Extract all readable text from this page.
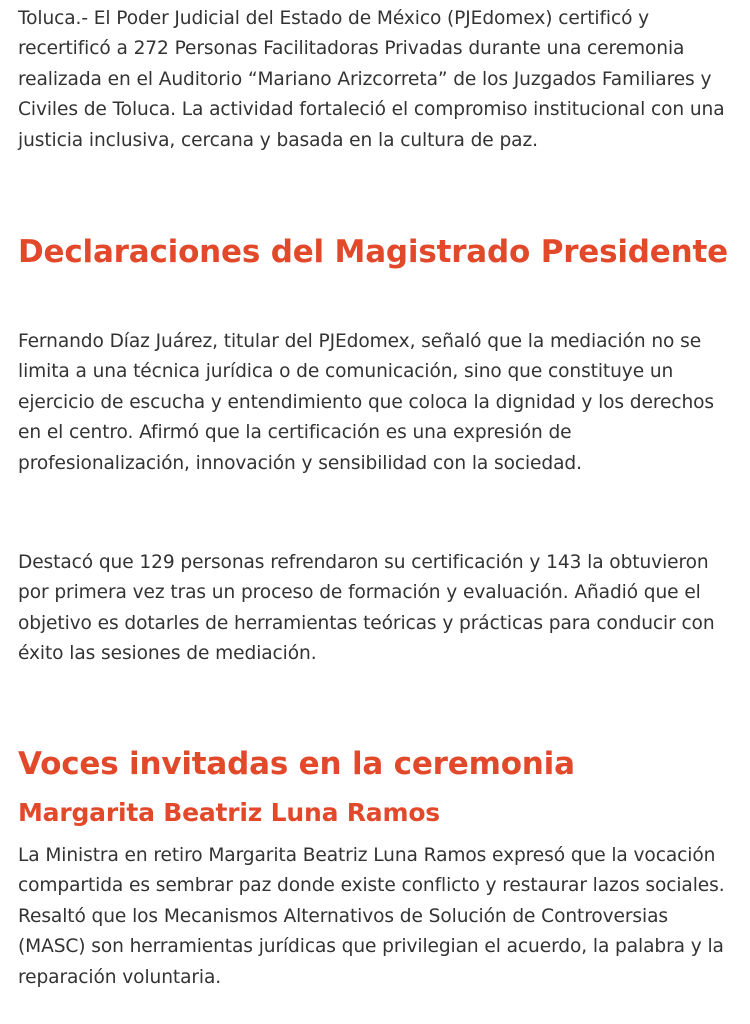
Toluca.- El Poder Judicial del Estado de México (PJEdomex) certificó y recertificó a 272 Personas Facilitadoras Privadas durante una ceremonia realizada en el Auditorio “Mariano Arizcorreta” de los Juzgados Familiares y Civiles de Toluca. La actividad fortaleció el compromiso institucional con una justicia inclusiva, cercana y basada en la cultura de paz.

Declaraciones del Magistrado Presidente

Fernando Díaz Juárez, titular del PJEdomex, señaló que la mediación no se limita a una técnica jurídica o de comunicación, sino que constituye un ejercicio de escucha y entendimiento que coloca la dignidad y los derechos en el centro. Afirmó que la certificación es una expresión de profesionalización, innovación y sensibilidad con la sociedad.

Destacó que 129 personas refrendaron su certificación y 143 la obtuvieron por primera vez tras un proceso de formación y evaluación. Añadió que el objetivo es dotarles de herramientas teóricas y prácticas para conducir con éxito las sesiones de mediación.

Voces invitadas en la ceremonia
Margarita Beatriz Luna Ramos

La Ministra en retiro Margarita Beatriz Luna Ramos expresó que la vocación compartida es sembrar paz donde existe conflicto y restaurar lazos sociales. Resaltó que los Mecanismos Alternativos de Solución de Controversias (MASC) son herramientas jurídicas que privilegian el acuerdo, la palabra y la reparación voluntaria.
